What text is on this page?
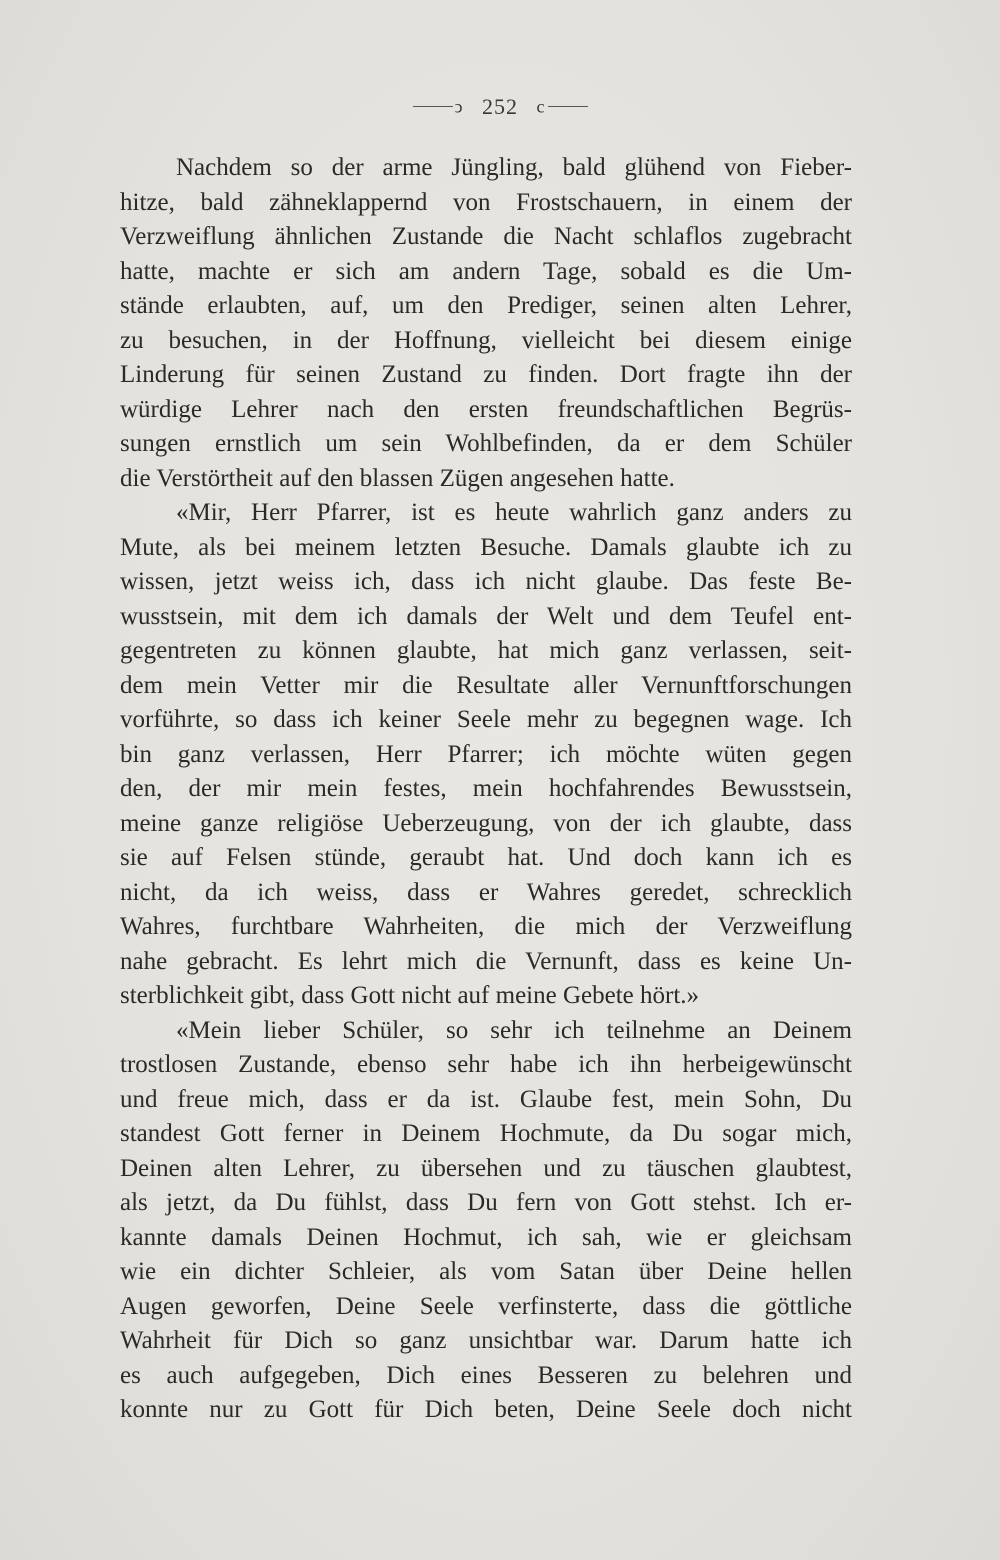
ↄ 252 c
Nachdem so der arme Jüngling, bald glühend von Fieber-
hitze, bald zähneklappernd von Frostschauern, in einem der
Verzweiflung ähnlichen Zustande die Nacht schlaflos zugebracht
hatte, machte er sich am andern Tage, sobald es die Um-
stände erlaubten, auf, um den Prediger, seinen alten Lehrer,
zu besuchen, in der Hoffnung, vielleicht bei diesem einige
Linderung für seinen Zustand zu finden. Dort fragte ihn der
würdige Lehrer nach den ersten freundschaftlichen Begrüs-
sungen ernstlich um sein Wohlbefinden, da er dem Schüler
die Verstörtheit auf den blassen Zügen angesehen hatte.
«Mir, Herr Pfarrer, ist es heute wahrlich ganz anders zu
Mute, als bei meinem letzten Besuche. Damals glaubte ich zu
wissen, jetzt weiss ich, dass ich nicht glaube. Das feste Be-
wusstsein, mit dem ich damals der Welt und dem Teufel ent-
gegentreten zu können glaubte, hat mich ganz verlassen, seit-
dem mein Vetter mir die Resultate aller Vernunftforschungen
vorführte, so dass ich keiner Seele mehr zu begegnen wage. Ich
bin ganz verlassen, Herr Pfarrer; ich möchte wüten gegen
den, der mir mein festes, mein hochfahrendes Bewusstsein,
meine ganze religiöse Ueberzeugung, von der ich glaubte, dass
sie auf Felsen stünde, geraubt hat. Und doch kann ich es
nicht, da ich weiss, dass er Wahres geredet, schrecklich
Wahres, furchtbare Wahrheiten, die mich der Verzweiflung
nahe gebracht. Es lehrt mich die Vernunft, dass es keine Un-
sterblichkeit gibt, dass Gott nicht auf meine Gebete hört.»
«Mein lieber Schüler, so sehr ich teilnehme an Deinem
trostlosen Zustande, ebenso sehr habe ich ihn herbeigewünscht
und freue mich, dass er da ist. Glaube fest, mein Sohn, Du
standest Gott ferner in Deinem Hochmute, da Du sogar mich,
Deinen alten Lehrer, zu übersehen und zu täuschen glaubtest,
als jetzt, da Du fühlst, dass Du fern von Gott stehst. Ich er-
kannte damals Deinen Hochmut, ich sah, wie er gleichsam
wie ein dichter Schleier, als vom Satan über Deine hellen
Augen geworfen, Deine Seele verfinsterte, dass die göttliche
Wahrheit für Dich so ganz unsichtbar war. Darum hatte ich
es auch aufgegeben, Dich eines Besseren zu belehren und
konnte nur zu Gott für Dich beten, Deine Seele doch nicht
